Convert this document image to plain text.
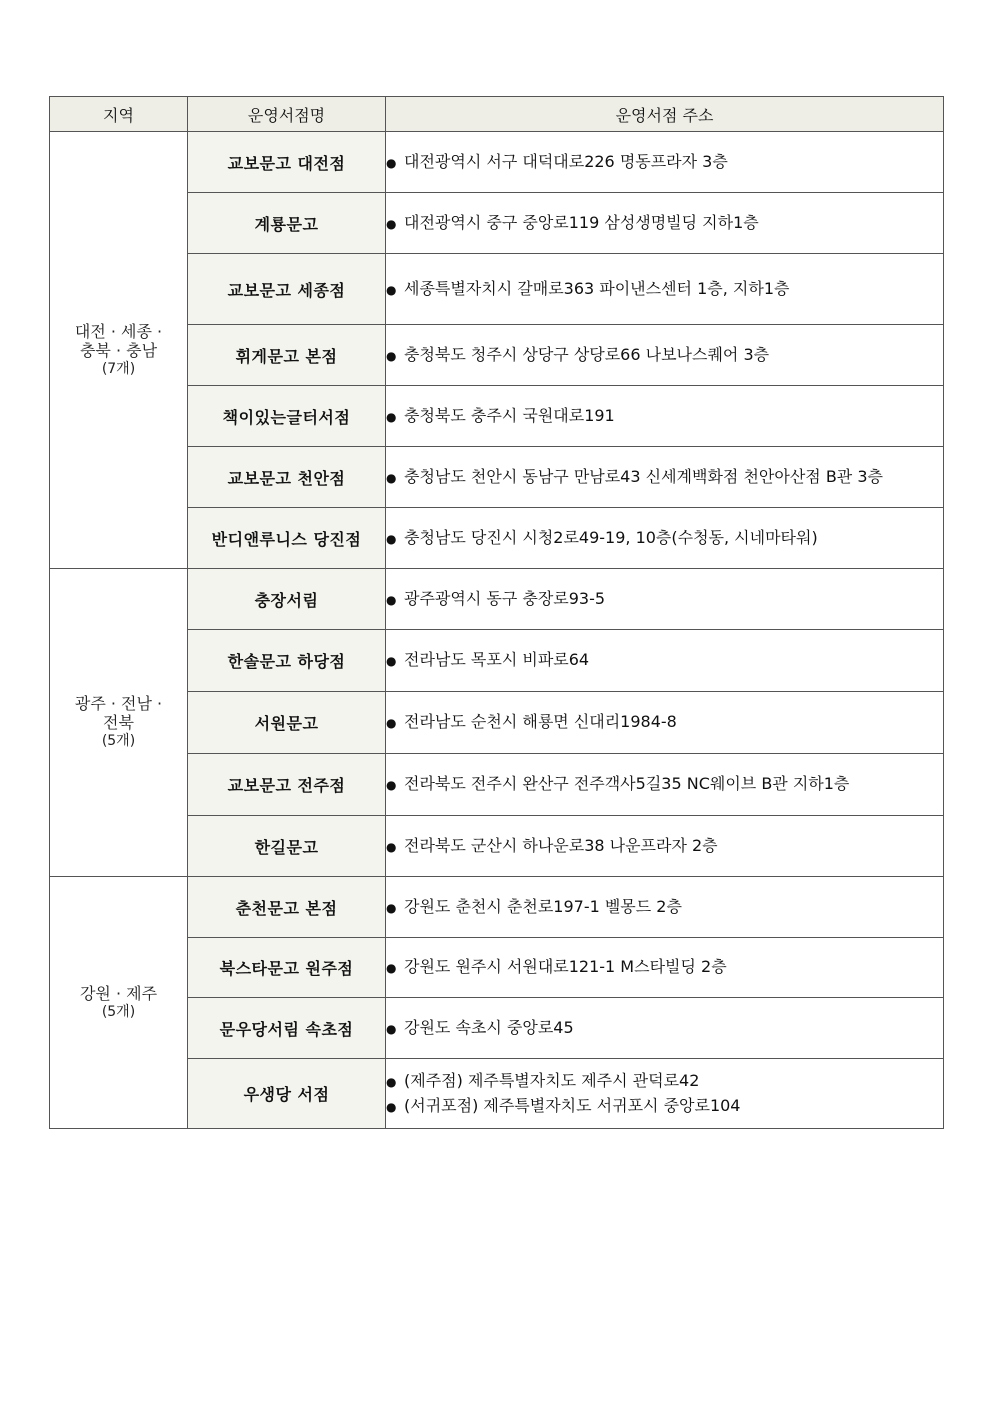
지역	운영서점명	운영서점 주소

대전 · 세종 ·
충북 · 충남
(7개)	교보문고 대전점	● 대전광역시 서구 대덕대로226 명동프라자 3층

	계룡문고	● 대전광역시 중구 중앙로119 삼성생명빌딩 지하1층

	교보문고 세종점	● 세종특별자치시 갈매로363 파이낸스센터 1층, 지하1층

	휘게문고 본점	● 충청북도 청주시 상당구 상당로66 나보나스퀘어 3층

	책이있는글터서점	● 충청북도 충주시 국원대로191

	교보문고 천안점	● 충청남도 천안시 동남구 만남로43 신세계백화점 천안아산점 B관 3층

	반디앤루니스 당진점	● 충청남도 당진시 시청2로49-19, 10층(수청동, 시네마타워)

광주 · 전남 ·
전북
(5개)	충장서림	● 광주광역시 동구 충장로93-5

	한솔문고 하당점	● 전라남도 목포시 비파로64

	서원문고	● 전라남도 순천시 해룡면 신대리1984-8

	교보문고 전주점	● 전라북도 전주시 완산구 전주객사5길35 NC웨이브 B관 지하1층

	한길문고	● 전라북도 군산시 하나운로38 나운프라자 2층

강원 · 제주
(5개)	춘천문고 본점	● 강원도 춘천시 춘천로197-1 벨몽드 2층

	북스타문고 원주점	● 강원도 원주시 서원대로121-1 M스타빌딩 2층

	문우당서림 속초점	● 강원도 속초시 중앙로45

	우생당 서점	● (제주점) 제주특별자치도 제주시 관덕로42
● (서귀포점) 제주특별자치도 서귀포시 중앙로104
